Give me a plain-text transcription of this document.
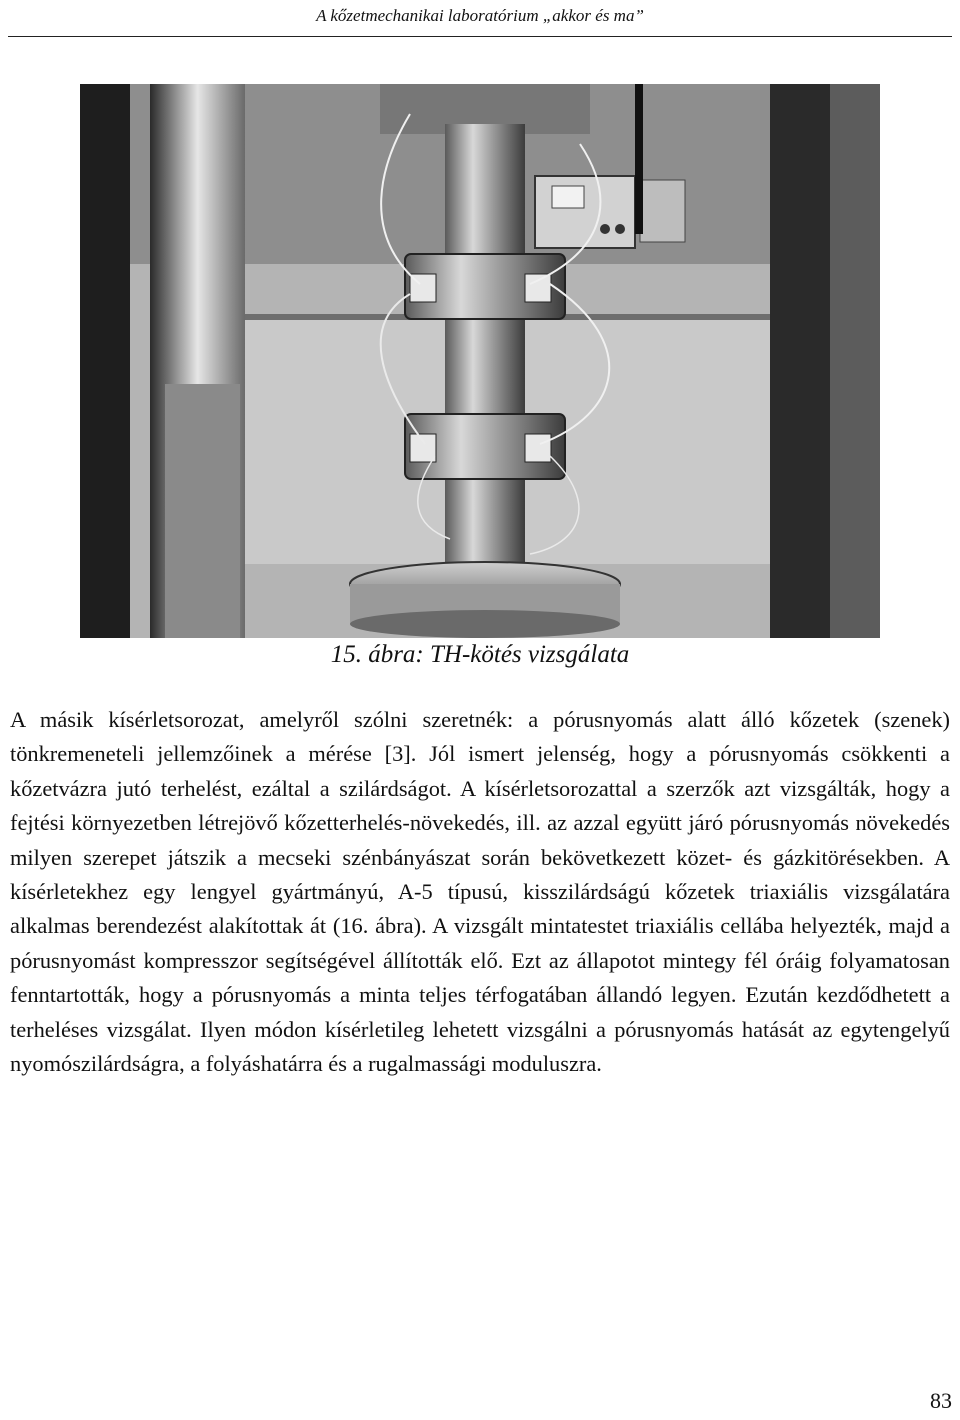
A kőzetmechanikai laboratórium „akkor és ma”
15. ábra: TH-kötés vizsgálata

A másik kísérletsorozat, amelyről szólni szeretnék: a pórusnyomás alatt álló kőzetek (szenek) tönkremeneteli jellemzőinek a mérése [3]. Jól ismert jelenség, hogy a pórusnyomás csökkenti a kőzetvázra jutó terhelést, ezáltal a szilárdságot. A kísérletsorozattal a szerzők azt vizsgálták, hogy a fejtési környezetben létrejövő kőzetterhelés-növekedés, ill. az azzal együtt járó pórusnyomás növekedés milyen szerepet játszik a mecseki szénbányászat során bekövetkezett közet- és gázkitörésekben. A kísérletekhez egy lengyel gyártmányú, A-5 típusú, kisszilárdságú kőzetek triaxiális vizsgálatára alkalmas berendezést alakítottak át (16. ábra). A vizsgált mintatestet triaxiális cellába helyezték, majd a pórusnyomást kompresszor segítségével állították elő. Ezt az állapotot mintegy fél óráig folyamatosan fenntartották, hogy a pórusnyomás a minta teljes térfogatában állandó legyen. Ezután kezdődhetett a terheléses vizsgálat. Ilyen módon kísérletileg lehetett vizsgálni a pórusnyomás hatását az egytengelyű nyomószilárdságra, a folyáshatárra és a rugalmassági moduluszra.

83
